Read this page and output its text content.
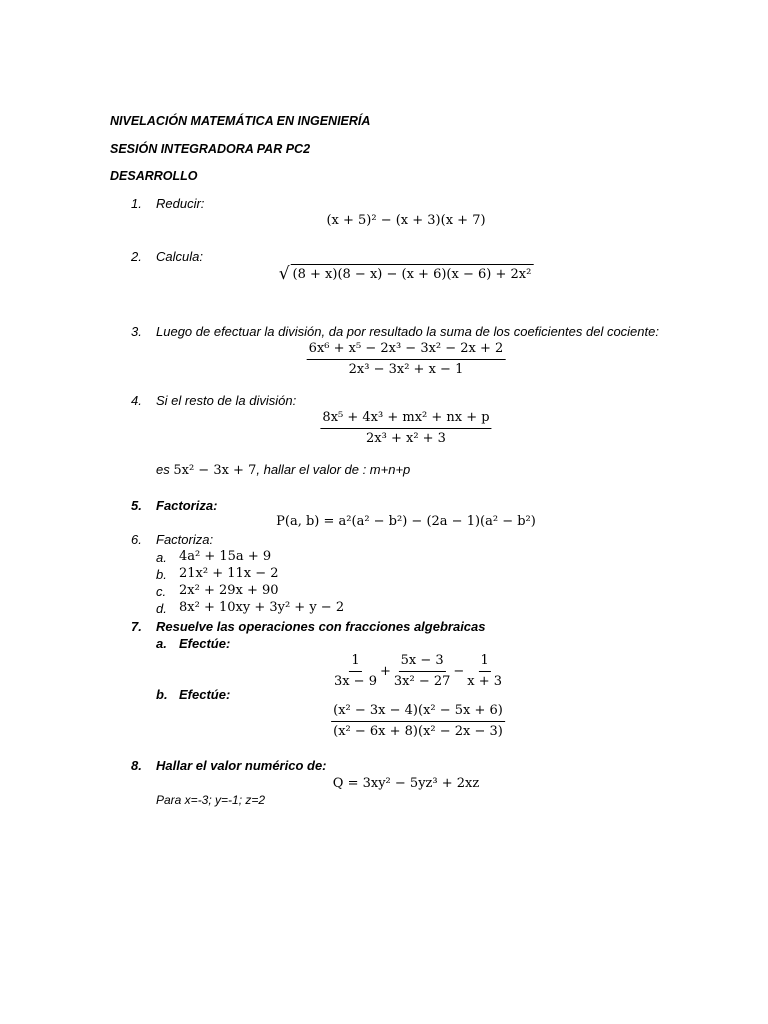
NIVELACIÓN MATEMÁTICA EN INGENIERÍA
SESIÓN INTEGRADORA PAR PC2
DESARROLLO
1. Reducir:
(x + 5)² − (x + 3)(x + 7)
2. Calcula:
√ (8 + x)(8 − x) − (x + 6)(x − 6) + 2x²
3. Luego de efectuar la división, da por resultado la suma de los coeficientes del cociente:
$\frac{\text{6x⁶ + x⁵ − 2x³ − 3x² − 2x + 2}}{\text{2x³ − 3x² + x − 1}}$
4. Si el resto de la división:
$\frac{\text{8x⁵ + 4x³ + mx² + nx + p}}{\text{2x³ + x² + 3}}$
es 5x² − 3x + 7, hallar el valor de : m+n+p
5. Factoriza:
P(a, b) = a²(a² − b²) − (2a − 1)(a² − b²)
6. Factoriza:
a. 4a² + 15a + 9
b. 21x² + 11x − 2
c. 2x² + 29x + 90
d. 8x² + 10xy + 3y² + y − 2
7. Resuelve las operaciones con fracciones algebraicas
a. Efectúe:
$\frac{1}{3x - 9} + \frac{5x - 3}{\text{3x² − 27}} - \frac{1}{x + 3}$
b. Efectúe:
$\frac{\text{(x² − 3x − 4)(x² − 5x + 6)}}{\text{(x² − 6x + 8)(x² − 2x − 3)}}$
8. Hallar el valor numérico de:
Q = 3xy² − 5yz³ + 2xz
Para x=-3; y=-1; z=2
